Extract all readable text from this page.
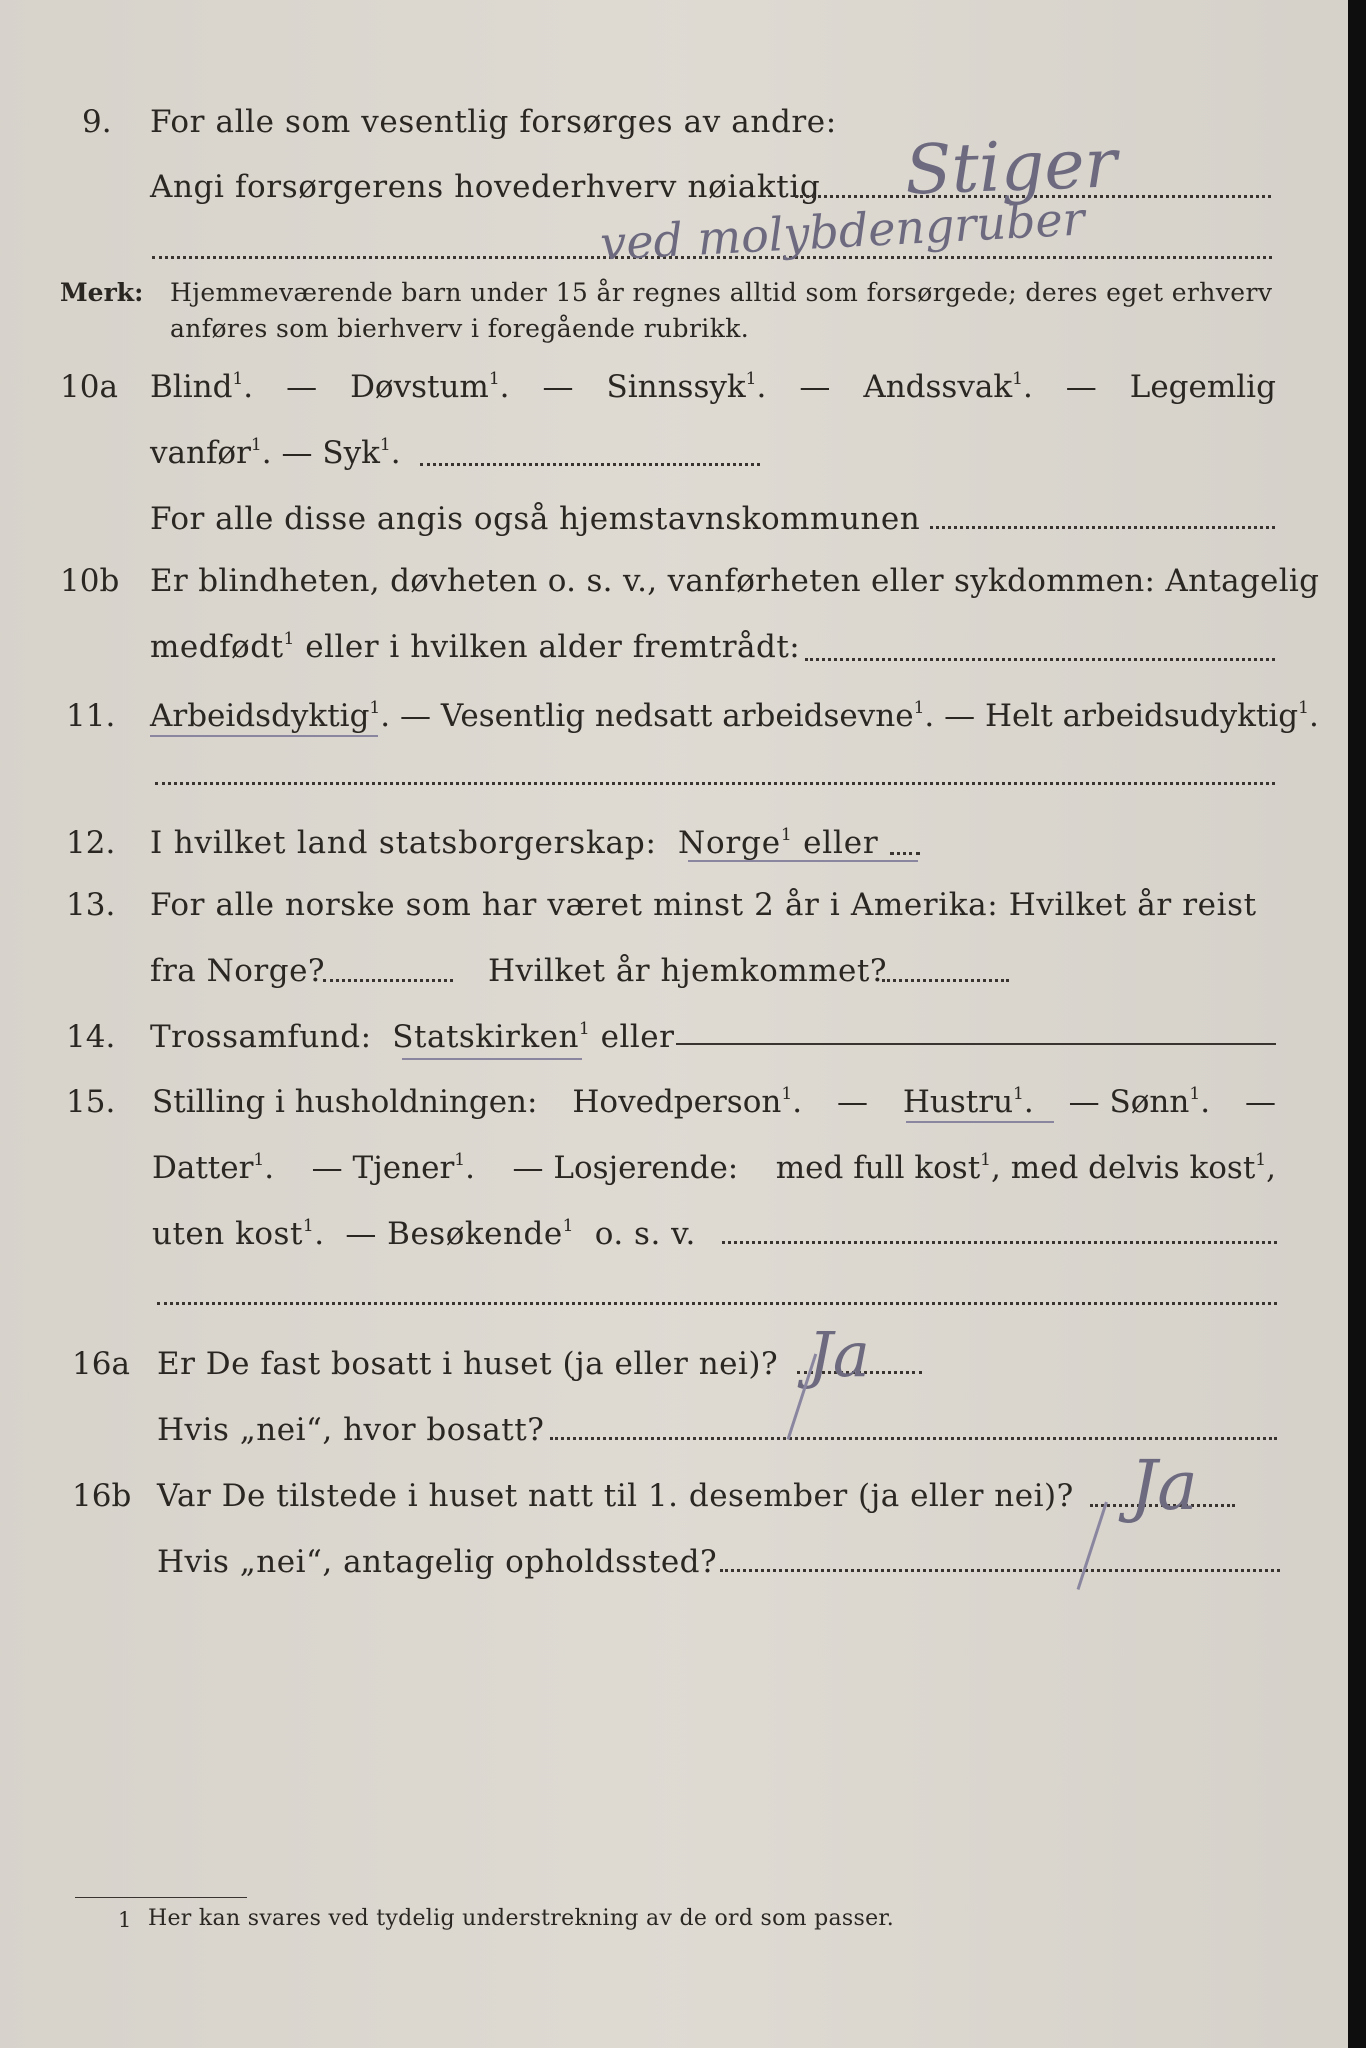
9. For alle som vesentlig forsørges av andre:
Angi forsørgerens hovederhverv nøiaktig Stiger
ved molybdengruber
Merk: Hjemmeværende barn under 15 år regnes alltid som forsørgede; deres eget erhverv
anføres som bierhverv i foregående rubrikk.
10a Blind$^1$. — Døvstum$^1$. — Sinnssyk$^1$. — Andssvak$^1$. — Legemlig
vanfør$^1$. — Syk$^1$.
For alle disse angis også hjemstavnskommunen
10b Er blindheten, døvheten o. s. v., vanførheten eller sykdommen: Antagelig
medfødt$^1$ eller i hvilken alder fremtrådt:
11. Arbeidsdyktig$^1$. — Vesentlig nedsatt arbeidsevne$^1$. — Helt arbeidsudyktig$^1$.
12. I hvilket land statsborgerskap: Norge$^1$ eller
13. For alle norske som har været minst 2 år i Amerika: Hvilket år reist
fra Norge?	Hvilket år hjemkommet?
14. Trossamfund: Statskirken$^1$ eller
15. Stilling i husholdningen: Hovedperson$^1$. — Hustru$^1$. — Sønn$^1$. —
Datter$^1$. — Tjener$^1$. — Losjerende: med full kost$^1$, med delvis kost$^1$,
uten kost$^1$. — Besøkende$^1$ o. s. v.
16a Er De fast bosatt i huset (ja eller nei)? Ja
Hvis „nei“, hvor bosatt?
16b Var De tilstede i huset natt til 1. desember (ja eller nei)? Ja
Hvis „nei“, antagelig opholdssted?
1 Her kan svares ved tydelig understrekning av de ord som passer.
